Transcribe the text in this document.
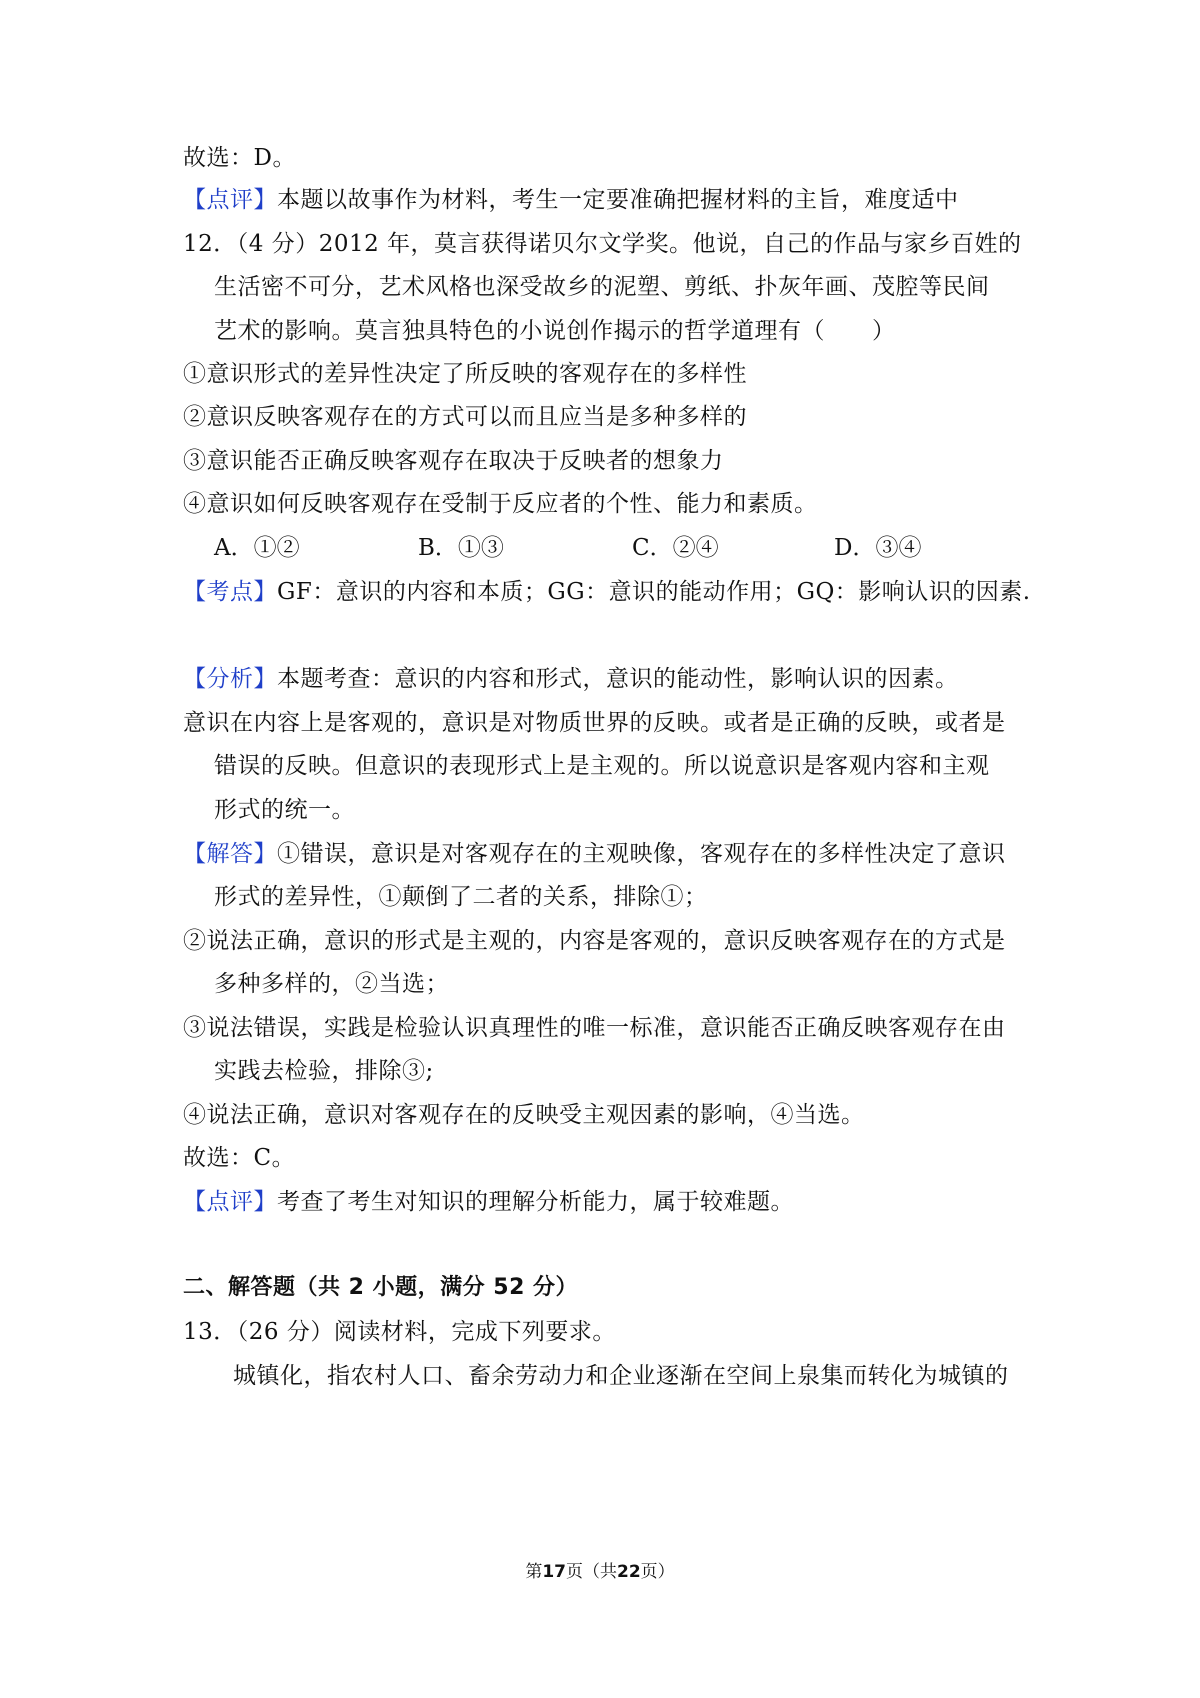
故选：D。
【点评】本题以故事作为材料，考生一定要准确把握材料的主旨，难度适中
12．（4 分）2012 年，莫言获得诺贝尔文学奖。他说，自己的作品与家乡百姓的
生活密不可分，艺术风格也深受故乡的泥塑、剪纸、扑灰年画、茂腔等民间
艺术的影响。莫言独具特色的小说创作揭示的哲学道理有（　　）
①意识形式的差异性决定了所反映的客观存在的多样性
②意识反映客观存在的方式可以而且应当是多种多样的
③意识能否正确反映客观存在取决于反映者的想象力
④意识如何反映客观存在受制于反应者的个性、能力和素质。
A．①②	B．①③	C．②④	D．③④
【考点】GF：意识的内容和本质；GG：意识的能动作用；GQ：影响认识的因素.
【分析】本题考查：意识的内容和形式，意识的能动性，影响认识的因素。
意识在内容上是客观的，意识是对物质世界的反映。或者是正确的反映，或者是
错误的反映。但意识的表现形式上是主观的。所以说意识是客观内容和主观
形式的统一。
【解答】①错误，意识是对客观存在的主观映像，客观存在的多样性决定了意识
形式的差异性，①颠倒了二者的关系，排除①；
②说法正确，意识的形式是主观的，内容是客观的，意识反映客观存在的方式是
多种多样的，②当选；
③说法错误，实践是检验认识真理性的唯一标准，意识能否正确反映客观存在由
实践去检验，排除③;
④说法正确，意识对客观存在的反映受主观因素的影响，④当选。
故选：C。
【点评】考查了考生对知识的理解分析能力，属于较难题。
二、解答题（共 2 小题，满分 52 分）
13．（26 分）阅读材料，完成下列要求。
城镇化，指农村人口、畜余劳动力和企业逐渐在空间上泉集而转化为城镇的
第17页（共22页）
